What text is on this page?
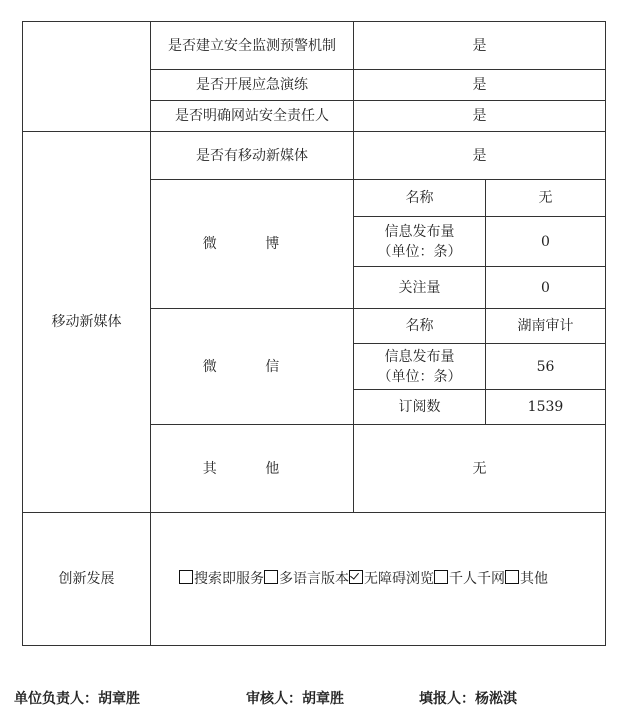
	是否建立安全监测预警机制	是	
	是否开展应急演练	是	
	是否明确网站安全责任人	是	
移动新媒体	是否有移动新媒体	是	
	微 博	名称	无

		信息发布量
（单位：条）	0
		关注量	0
	微 信	名称	湖南审计

		信息发布量
（单位：条）	56
		订阅数	1539
	其 他	无	
创新发展	搜索即服务 多语言版本 无障碍浏览 千人千网 其他		
单位负责人：胡章胜	审核人：胡章胜	填报人：杨淞淇
